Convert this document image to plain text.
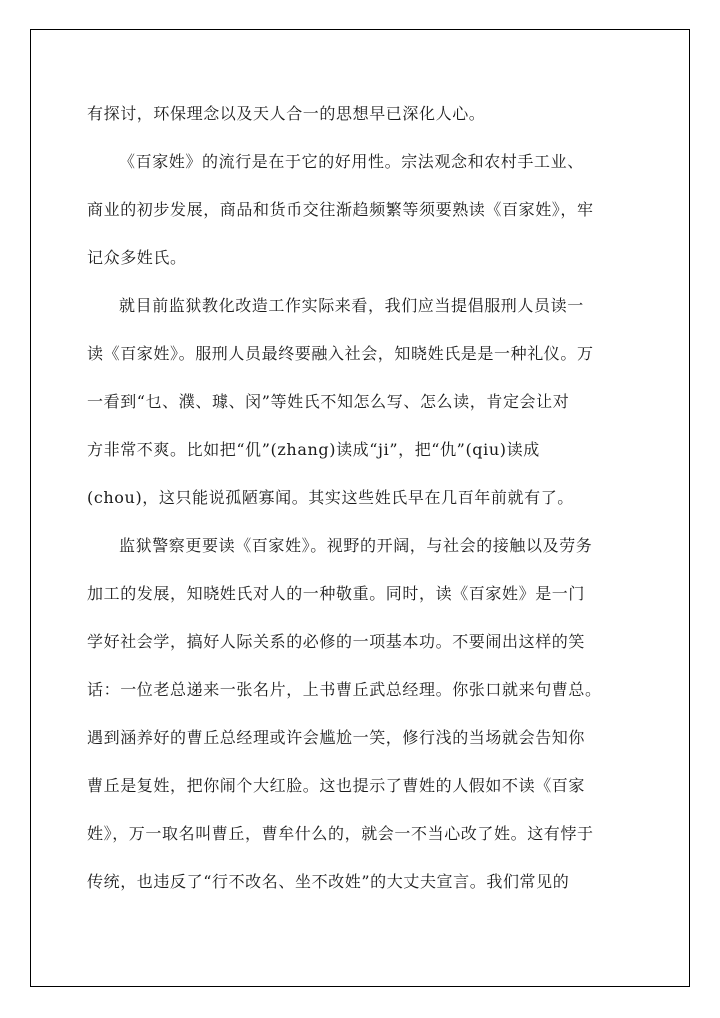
有探讨，环保理念以及天人合一的思想早已深化人心。
《百家姓》的流行是在于它的好用性。宗法观念和农村手工业、
商业的初步发展，商品和货币交往渐趋频繁等须要熟读《百家姓》，牢
记众多姓氏。
就目前监狱教化改造工作实际来看，我们应当提倡服刑人员读一
读《百家姓》。服刑人员最终要融入社会，知晓姓氏是是一种礼仪。万
一看到“乜、濮、璩、闵”等姓氏不知怎么写、怎么读，肯定会让对
方非常不爽。比如把“仉”(zhang)读成“ji”，把“仇”(qiu)读成
(chou)，这只能说孤陋寡闻。其实这些姓氏早在几百年前就有了。
监狱警察更要读《百家姓》。视野的开阔，与社会的接触以及劳务
加工的发展，知晓姓氏对人的一种敬重。同时，读《百家姓》是一门
学好社会学，搞好人际关系的必修的一项基本功。不要闹出这样的笑
话：一位老总递来一张名片，上书曹丘武总经理。你张口就来句曹总。
遇到涵养好的曹丘总经理或许会尴尬一笑，修行浅的当场就会告知你
曹丘是复姓，把你闹个大红脸。这也提示了曹姓的人假如不读《百家
姓》，万一取名叫曹丘，曹牟什么的，就会一不当心改了姓。这有悖于
传统，也违反了“行不改名、坐不改姓”的大丈夫宣言。我们常见的
